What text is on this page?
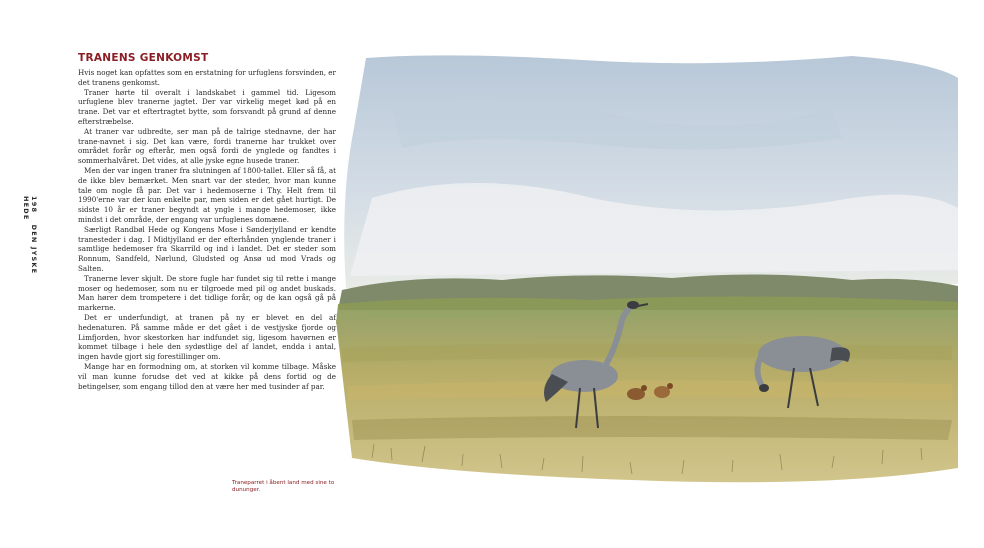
198 DEN JYSKE HEDE
TRANENS GENKOMST

Hvis noget kan opfattes som en erstatning for urfuglens forsvinden, er det tranens genkomst.

Traner hørte til overalt i landskabet i gammel tid. Ligesom urfuglene blev tranerne jagtet. Der var virkelig meget kød på en trane. Det var et eftertragtet bytte, som forsvandt på grund af denne efterstræbelse.

At traner var udbredte, ser man på de talrige stednavne, der har trane-navnet i sig. Det kan være, fordi tranerne har trukket over området forår og efterår, men også fordi de ynglede og fandtes i sommerhalvåret. Det vides, at alle jyske egne husede traner.

Men der var ingen traner fra slutningen af 1800-tallet. Eller så få, at de ikke blev bemærket. Men snart var der steder, hvor man kunne tale om nogle få par. Det var i hedemoserne i Thy. Helt frem til 1990'erne var der kun enkelte par, men siden er det gået hurtigt. De sidste 10 år er traner begyndt at yngle i mange hedemoser, ikke mindst i det område, der engang var urfuglenes domæne.

Særligt Randbøl Hede og Kongens Mose i Sønderjylland er kendte tranesteder i dag. I Midtjylland er der efterhånden ynglende traner i samtlige hedemoser fra Skarrild og ind i landet. Det er steder som Ronnum, Sandfeld, Nørlund, Gludsted og Ansø ud mod Vrads og Salten.

Tranerne lever skjult. De store fugle har fundet sig til rette i mange moser og hedemoser, som nu er tilgroede med pil og andet buskads. Man hører dem trompetere i det tidlige forår, og de kan også gå på markerne.

Det er underfundigt, at tranen på ny er blevet en del af hedenaturen. På samme måde er det gået i de vestjyske fjorde og Limfjorden, hvor skestorken har indfundet sig, ligesom havørnen er kommet tilbage i hele den sydøstlige del af landet, endda i antal, ingen havde gjort sig forestillinger om.

Mange har en formodning om, at storken vil komme tilbage. Måske vil man kunne forudse det ved at kikke på dens fortid og de betingelser, som engang tillod den at være her med tusinder af par.

Traneparret i åbent land med sine to dununger.
